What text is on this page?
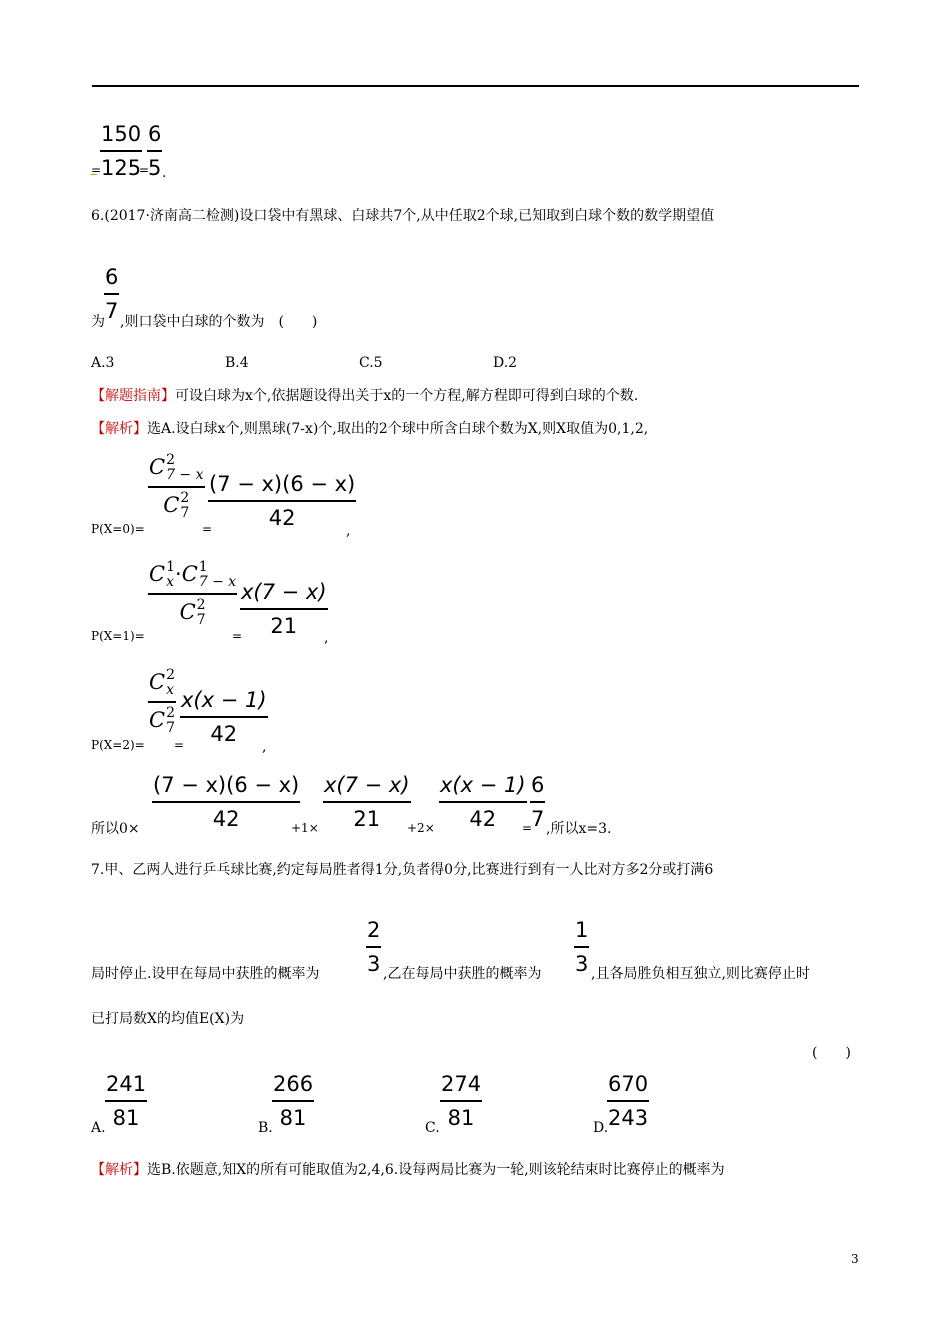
=
150
125
=
6
5 .
6.(2017·济南高二检测)设口袋中有黑球、白球共7个,从中任取2个球,已知取到白球个数的数学期望值
6
7
为 ,则口袋中白球的个数为　(　　)
A.3	B.4	C.5	D.2
【解题指南】可设白球为x个,依据题设得出关于x的一个方程,解方程即可得到白球的个数.
【解析】选A.设白球x个,则黑球(7-x)个,取出的2个球中所含白球个数为X,则X取值为0,1,2,
P(X=0)=
C 2
7 − x
C 2
7
=
(7 − x)(6 − x)
42
,
P(X=1)=
C 1
x ·C 1
7 − x
C 2
7
=
x(7 − x)
21
,
P(X=2)=
C 2
x
C 2
7
=
x(x − 1)
42
,
所以0×
(7 − x)(6 − x)
42	+1×
x(7 − x)
21 +2×
x(x − 1)
42 =
6
7 ,所以x=3.
7.甲、乙两人进行乒乓球比赛,约定每局胜者得1分,负者得0分,比赛进行到有一人比对方多2分或打满6
局时停止.设甲在每局中获胜的概率为
2
3 ,乙在每局中获胜的概率为
1
3 ,且各局胜负相互独立,则比赛停止时
已打局数X的均值E(X)为
(　　)
A.
241
81	B.
266
81	C.
274
81	D.
670
243
【解析】选B.依题意,知X的所有可能取值为2,4,6.设每两局比赛为一轮,则该轮结束时比赛停止的概率为
3
